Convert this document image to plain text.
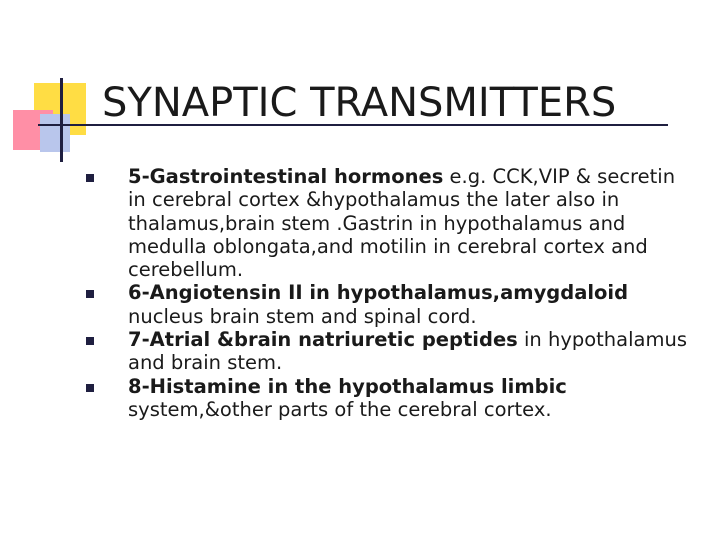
SYNAPTIC TRANSMITTERS
5-Gastrointestinal hormones e.g. CCK,VIP & secretin in cerebral cortex &hypothalamus the later also in thalamus,brain stem .Gastrin in hypothalamus and medulla oblongata,and motilin in cerebral cortex and cerebellum.
6-Angiotensin II in hypothalamus,amygdaloid nucleus brain stem and spinal cord.
7-Atrial &brain natriuretic peptides in hypothalamus and brain stem.
8-Histamine in the hypothalamus limbic system,&other parts of the cerebral cortex.
